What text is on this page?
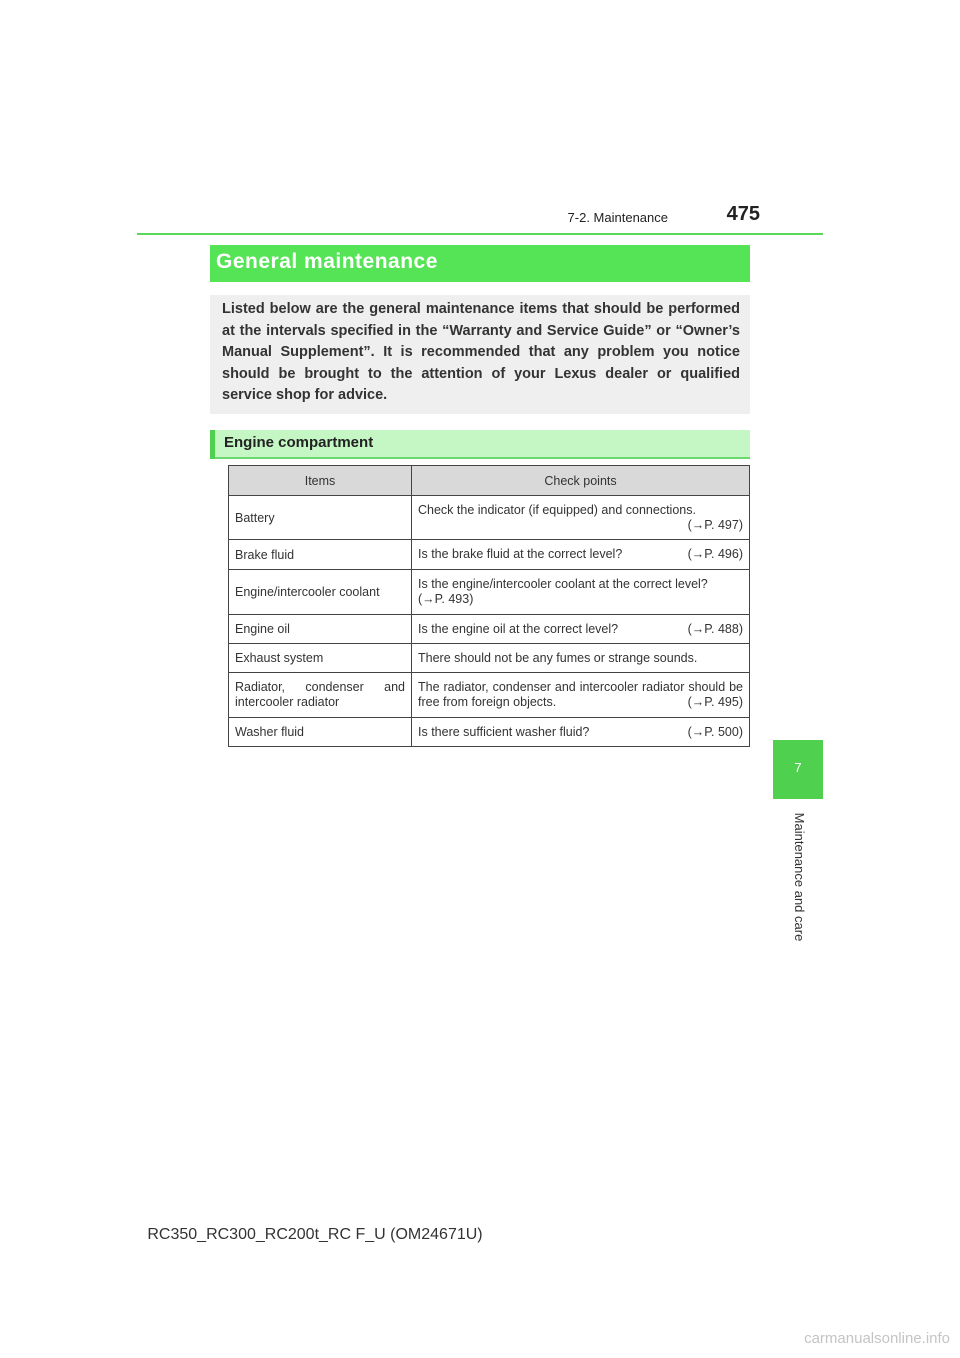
7-2. Maintenance	475
7
Maintenance and care
General maintenance
Listed below are the general maintenance items that should be performed at the intervals specified in the “Warranty and Service Guide” or “Owner’s Manual Supplement”. It is recommended that any problem you notice should be brought to the attention of your Lexus dealer or qualified service shop for advice.
Engine compartment
Items	Check points
Battery	Check the indicator (if equipped) and connections.
(→P. 497)

Brake fluid	Is the brake fluid at the correct level? (→P. 496)

Engine/intercooler coolant	Is the engine/intercooler coolant at the correct level?
(→P. 493)

Engine oil	Is the engine oil at the correct level? (→P. 488)

Exhaust system	There should not be any fumes or strange sounds.
Radiator, condenser and intercooler radiator	The radiator, condenser and intercooler radiator should be free from foreign objects. (→P. 495)

Washer fluid	Is there sufficient washer fluid? (→P. 500)
RC350_RC300_RC200t_RC F_U (OM24671U)
carmanualsonline.info
